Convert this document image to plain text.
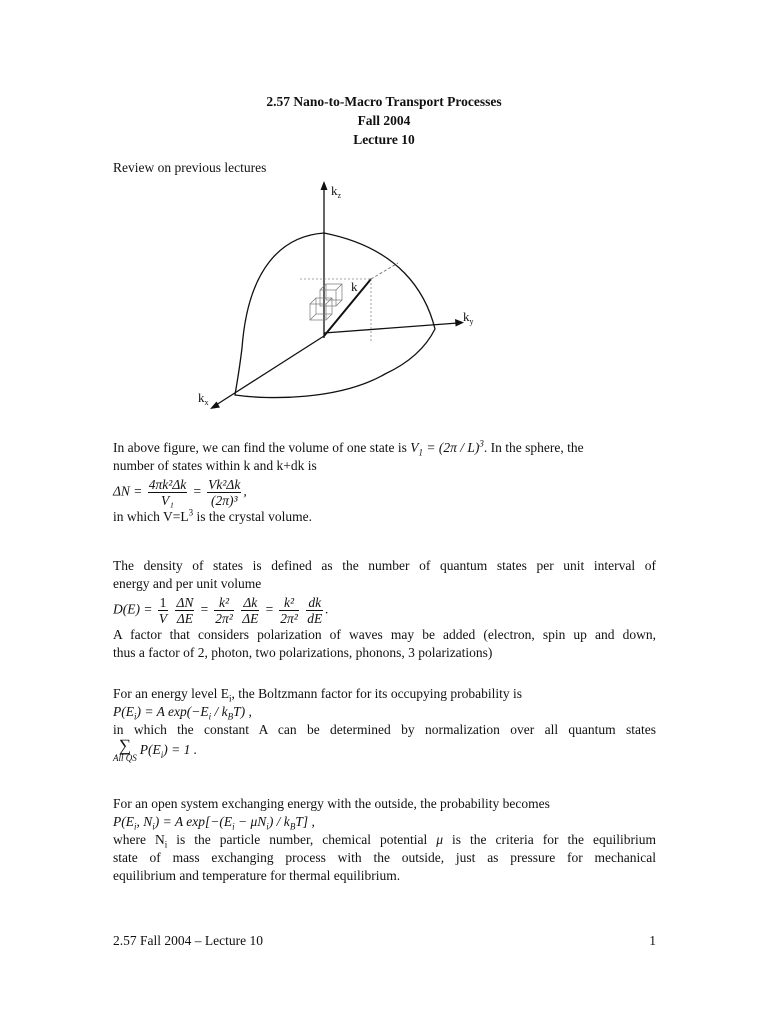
2.57 Nano-to-Macro Transport Processes
Fall 2004
Lecture 10
Review on previous lectures
$k_z$
k
$k_y$
$k_x$
In above figure, we can find the volume of one state is $V_1 = (2\pi / L)^3$. In the sphere, the
number of states within k and k+dk is
$\Delta N = \frac{\text{4πk²Δk}}{\text{V₁}} = \frac{\text{Vk²Δk}}{\text{(2π)³}}$ ,
in which $V=L^3$ is the crystal volume.
The density of states is defined as the number of quantum states per unit interval of
energy and per unit volume
$D(E) = \frac{1}{V}$
$\frac{\Delta N}{\Delta E} = \frac{\text{k²}}{\text{2π²}}$
$\frac{\Delta k}{\Delta E} = \frac{\text{k²}}{\text{2π²}}$
$\frac{dk}{dE}$ .
A factor that considers polarization of waves may be added (electron, spin up and down,
thus a factor of 2, photon, two polarizations, phonons, 3 polarizations)
For an energy level $E_i$, the Boltzmann factor for its occupying probability is
$P(E_i) = A$ $\exp(-E_i / k_BT)$ ,
in which the constant A can be determined by normalization over all quantum states
∑
All QS
$P(E_i) = 1$ .
For an open system exchanging energy with the outside, the probability becomes
$P(E_i$, $N_i) = A$ $\exp[-(E_i - \mu N_i) / k_BT]$ ,
where $N_i$ is the particle number, chemical potential μ is the criteria for the equilibrium
state of mass exchanging process with the outside, just as pressure for mechanical
equilibrium and temperature for thermal equilibrium.
2.57 Fall 2004 – Lecture 10	1
